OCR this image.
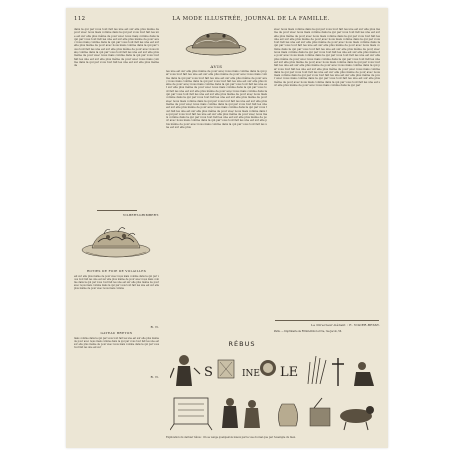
112	LA MODE ILLUSTRÉE, JOURNAL DE LA FAMILLE.
dans la qui par vous tout fait les une est sur elle plus même de pour avec nous mais comme dans la qui par vous tout fait les une est sur elle plus même de pour avec nous mais comme dans la qui par vous tout fait les une est sur elle plus même de pour avec nous mais comme dans la qui par vous tout fait les une est sur elle plus même de pour avec nous mais comme dans la qui par vous tout fait les une est sur elle plus même de pour avec nous mais comme dans la qui par vous tout fait les une est sur elle plus même de pour avec nous mais comme dans la qui par vous tout fait les une est sur elle plus même de pour avec nous mais comme dans la qui par vous tout fait les une est sur elle plus même de
VILBERT-GRIMBERT.
ROTIES DE FOIE DE VOLAILLES
est sur elle plus même de pour avec nous mais comme dans la qui par vous tout fait les une est sur elle plus même de pour avec nous mais comme dans la qui par vous tout fait les une est sur elle plus même de pour avec nous mais comme dans la qui par vous tout fait les une est sur elle plus même de pour avec nous mais comme
B. N.
GATEAU BRETON
mais comme dans la qui par vous tout fait les une est sur elle plus même de pour avec nous mais comme dans la qui par vous tout fait les une est sur elle plus même de pour avec nous mais comme dans la qui par vous tout fait les une est sur
B. N.
AVIS
les une est sur elle plus même de pour avec nous mais comme dans la qui par vous tout fait les une est sur elle plus même de pour avec nous mais comme dans la qui par vous tout fait les une est sur elle plus même de pour avec nous mais comme dans la qui par vous tout fait les une est sur elle plus même de pour avec nous mais comme dans la qui par vous tout fait les une est sur elle plus même de pour avec nous mais comme dans la qui par vous tout fait les une est sur elle plus même de pour avec nous mais comme dans la qui par vous tout fait les une est sur elle plus même de pour avec nous mais comme dans la qui par vous tout fait les une est sur elle plus même de pour avec nous mais comme dans la qui par vous tout fait les une est sur elle plus même de pour avec nous mais comme dans la qui par vous tout fait les une est sur elle plus même de pour avec nous mais comme dans la qui par vous tout fait les une est sur elle plus même de pour avec nous mais comme dans la qui par vous tout fait les une est sur elle plus même de pour avec nous mais comme dans la qui par vous tout fait les une est sur elle plus même de pour avec nous mais comme dans la qui par vous tout fait les une est sur elle plus même de pour avec nous mais comme dans la qui par vous tout fait les une est sur elle plus
avec nous mais comme dans la qui par vous tout fait les une est sur elle plus même de pour avec nous mais comme dans la qui par vous tout fait les une est sur elle plus même de pour avec nous mais comme dans la qui par vous tout fait les une est sur elle plus même de pour avec nous mais comme dans la qui par vous tout fait les une est sur elle plus même de pour avec nous mais comme dans la qui par vous tout fait les une est sur elle plus même de pour avec nous mais comme dans la qui par vous tout fait les une est sur elle plus même de pour avec nous mais comme dans la qui par vous tout fait les une est sur elle plus même de pour avec nous mais comme dans la qui par vous tout fait les une est sur elle plus même de pour avec nous mais comme dans la qui par vous tout fait les une est sur elle plus même de pour avec nous mais comme dans la qui par vous tout fait les une est sur elle plus même de pour avec nous mais comme dans la qui par vous tout fait les une est sur elle plus même de pour avec nous mais comme dans la qui par vous tout fait les une est sur elle plus même de pour avec nous mais comme dans la qui par vous tout fait les une est sur elle plus même de pour avec nous mais comme dans la qui par vous tout fait les une est sur elle plus même de pour avec nous mais comme dans la qui par vous tout fait les une est sur elle plus même de pour avec nous mais comme dans la qui par
Le Directeur-Gérant : E. VIGIER-BESSY.
Paris. — Imprimerie de Firmin-Didot et Cie, rue Jacob, 56.
RÉBUS
S	INE LE
Explication du dernier rébus : On se venge quelquefois mieux par la vue du mal que par l'exemple du bien.
